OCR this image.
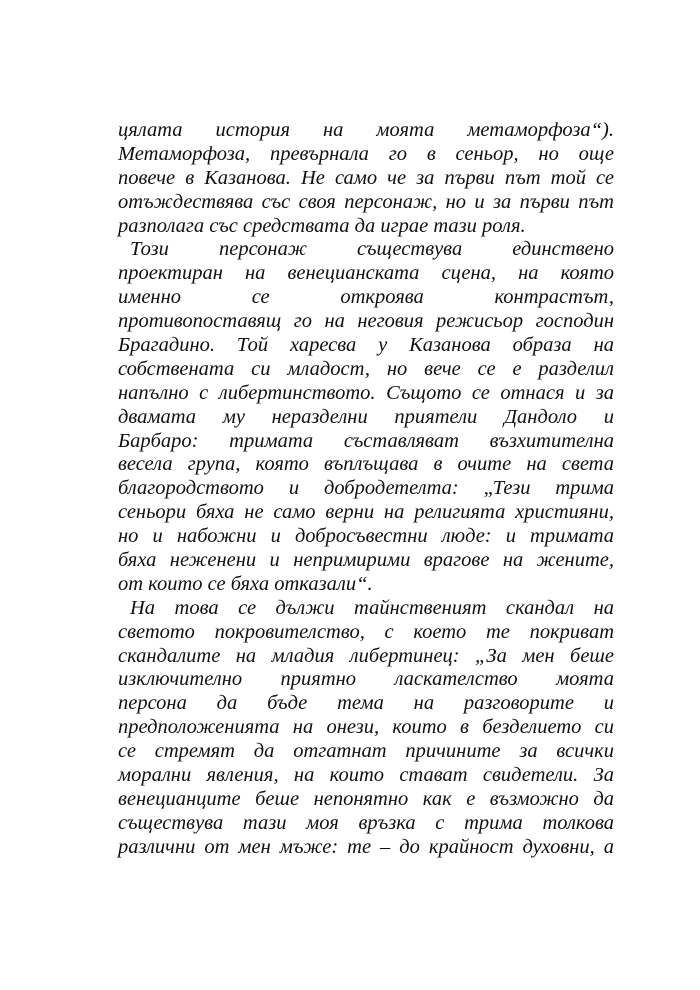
цялата история на моята метаморфоза“).
Метаморфоза, превърнала го в сеньор, но още
повече в Казанова. Не само че за първи път той се
отъждествява със своя персонаж, но и за първи път
разполага със средствата да играе тази роля.
Този персонаж съществува единствено
проектиран на венецианската сцена, на която
именно се откроява контрастът,
противопоставящ го на неговия режисьор господин
Брагадино. Той харесва у Казанова образа на
собствената си младост, но вече се е разделил
напълно с либертинството. Същото се отнася и за
двамата му неразделни приятели Дандоло и
Барбаро: тримата съставляват възхитителна
весела група, която въплъщава в очите на света
благородството и добродетелта: „Тези трима
сеньори бяха не само верни на религията християни,
но и набожни и добросъвестни люде: и тримата
бяха неженени и непримирими врагове на жените,
от които се бяха отказали“.
На това се дължи тайнственият скандал на
светото покровителство, с което те покриват
скандалите на младия либертинец: „За мен беше
изключително приятно ласкателство моята
персона да бъде тема на разговорите и
предположенията на онези, които в безделието си
се стремят да отгатнат причините за всички
морални явления, на които стават свидетели. За
венецианците беше непонятно как е възможно да
съществува тази моя връзка с трима толкова
различни от мен мъже: те – до крайност духовни, а
